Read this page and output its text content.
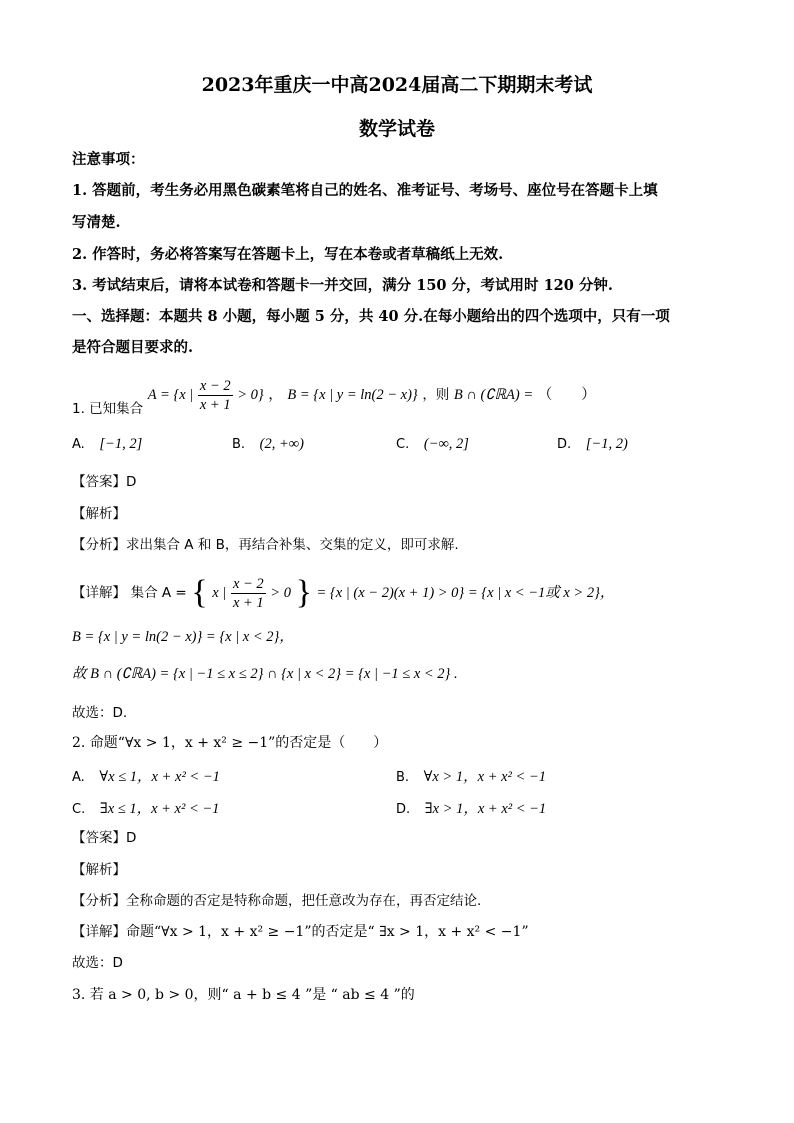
2023年重庆一中高2024届高二下期期末考试
数学试卷
注意事项：
1. 答题前，考生务必用黑色碳素笔将自己的姓名、准考证号、考场号、座位号在答题卡上填
写清楚.
2. 作答时，务必将答案写在答题卡上，写在本卷或者草稿纸上无效.
3. 考试结束后，请将本试卷和答题卡一并交回，满分 150 分，考试用时 120 分钟.
一、选择题：本题共 8 小题，每小题 5 分，共 40 分.在每小题给出的四个选项中，只有一项
是符合题目要求的.
1. 已知集合 A = {x | $\frac{x - 2}{x + 1} > 0$} ， B = {x | y = ln(2 − x)} ，则 B ∩ (∁ℝA) = （　　）
A. [−1, 2]	B. (2, +∞)	C. (−∞, 2]	D. [−1, 2)
【答案】D
【解析】
【分析】求出集合 A 和 B，再结合补集、交集的定义，即可求解.
【详解】 集合 A = { x | $\frac{x - 2}{x + 1} > 0$ } = {x | (x − 2)(x + 1) > 0} = {x | x < −1或 x > 2}，
B = {x | y = ln(2 − x)} = {x | x < 2}，
故 B ∩ (∁ℝA) = {x | −1 ≤ x ≤ 2} ∩ {x | x < 2} = {x | −1 ≤ x < 2} .
故选：D.
2. 命题“∀x > 1，x + x² ≥ −1”的否定是（　　）
A. ∀x ≤ 1，x + x² < −1	B. ∀x > 1，x + x² < −1
C. ∃x ≤ 1，x + x² < −1	D. ∃x > 1，x + x² < −1
【答案】D
【解析】
【分析】全称命题的否定是特称命题，把任意改为存在，再否定结论.
【详解】命题“∀x > 1，x + x² ≥ −1”的否定是“ ∃x > 1，x + x² < −1”
故选：D
3. 若 a > 0, b > 0，则“ a + b ≤ 4 ”是 “ ab ≤ 4 ”的
